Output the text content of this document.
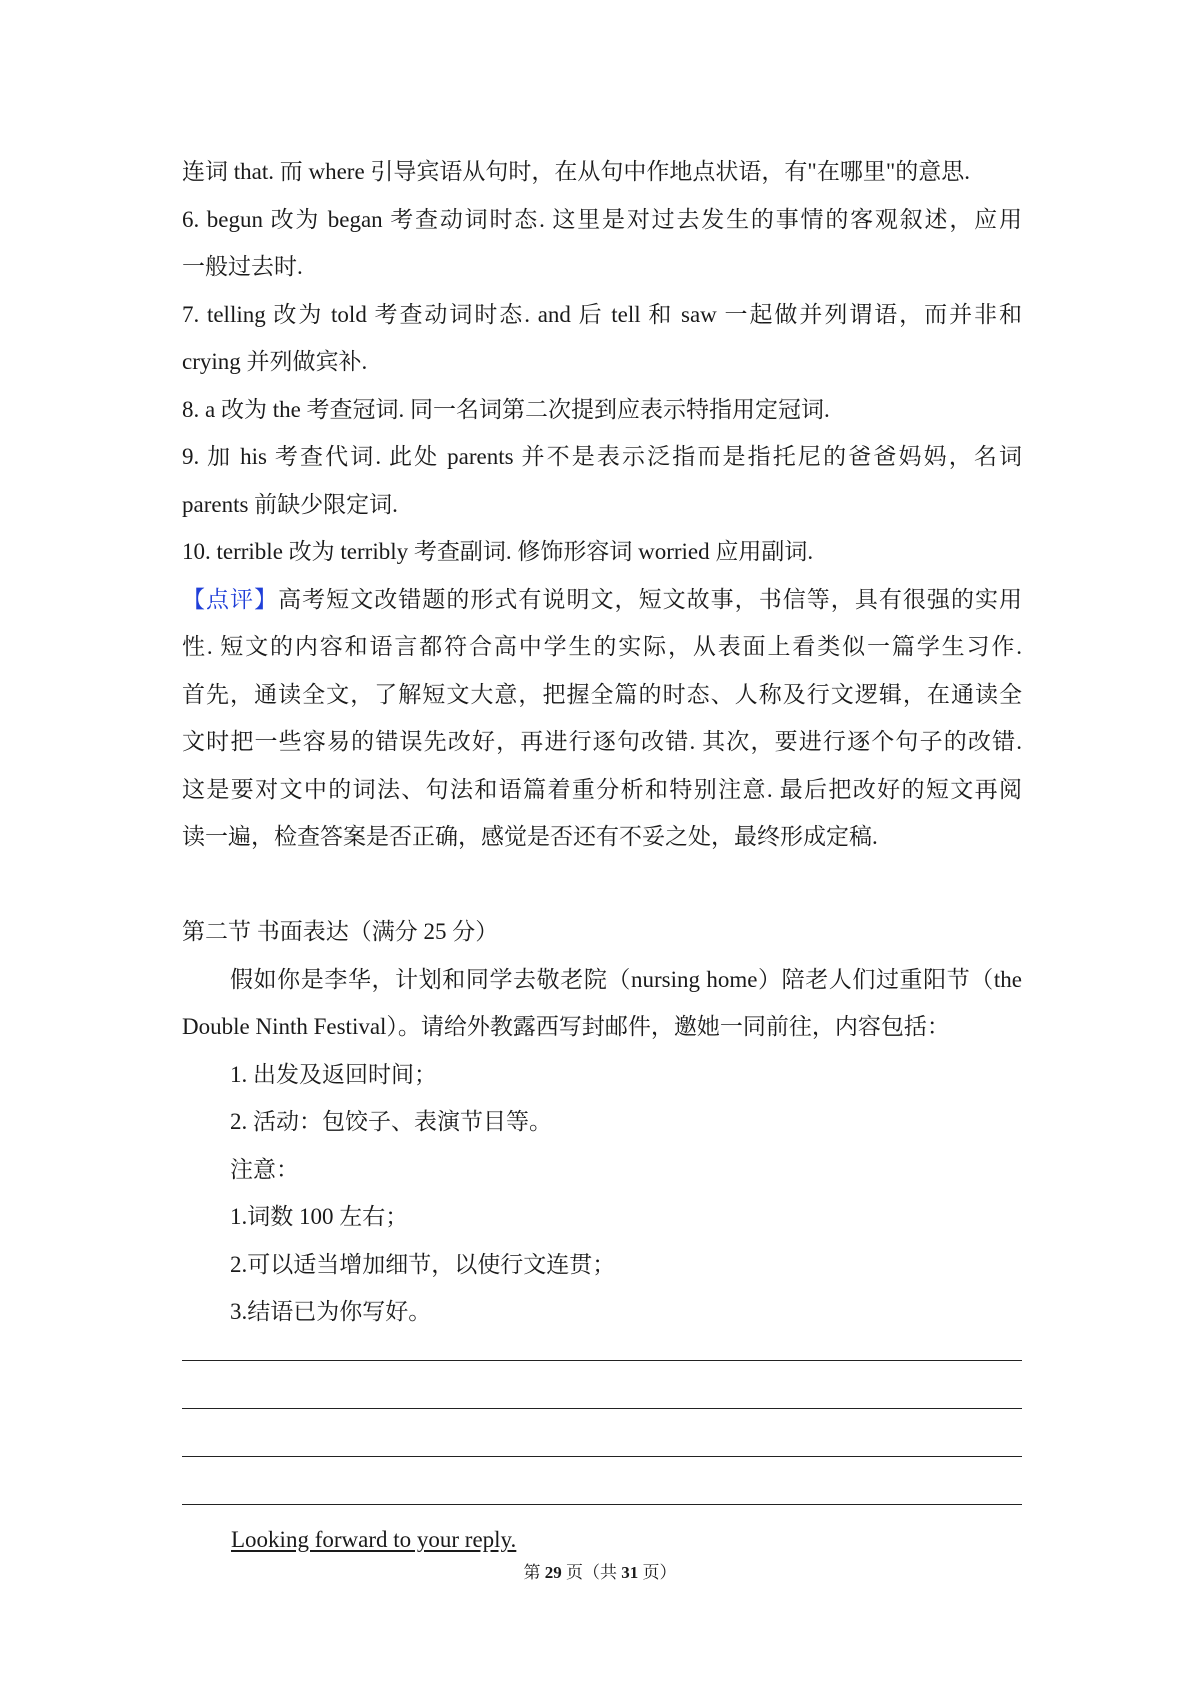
连词 that. 而 where 引导宾语从句时，在从句中作地点状语，有"在哪里"的意思.
6. begun 改为 began 考查动词时态. 这里是对过去发生的事情的客观叙述，应用
一般过去时.
7. telling 改为 told 考查动词时态. and 后 tell 和 saw 一起做并列谓语，而并非和
crying 并列做宾补.
8. a 改为 the 考查冠词. 同一名词第二次提到应表示特指用定冠词.
9. 加 his 考查代词. 此处 parents 并不是表示泛指而是指托尼的爸爸妈妈，名词
parents 前缺少限定词.
10. terrible 改为 terribly 考查副词. 修饰形容词 worried 应用副词.
【点评】高考短文改错题的形式有说明文，短文故事，书信等，具有很强的实用
性. 短文的内容和语言都符合高中学生的实际，从表面上看类似一篇学生习作.
首先，通读全文，了解短文大意，把握全篇的时态、人称及行文逻辑，在通读全
文时把一些容易的错误先改好，再进行逐句改错. 其次，要进行逐个句子的改错.
这是要对文中的词法、句法和语篇着重分析和特别注意. 最后把改好的短文再阅
读一遍，检查答案是否正确，感觉是否还有不妥之处，最终形成定稿.
第二节 书面表达（满分 25 分）
假如你是李华，计划和同学去敬老院（nursing home）陪老人们过重阳节（the
Double Ninth Festival）。请给外教露西写封邮件，邀她一同前往，内容包括：
1. 出发及返回时间；
2. 活动：包饺子、表演节目等。
注意：
1.词数 100 左右；
2.可以适当增加细节，以使行文连贯；
3.结语已为你写好。
Looking forward to your reply.
第 29 页（共 31 页）
